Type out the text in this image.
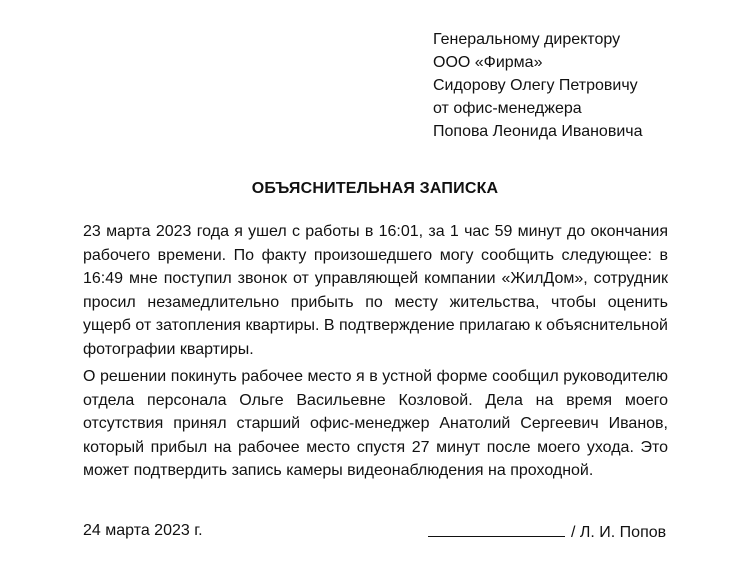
Генеральному директору
ООО «Фирма»
Сидорову Олегу Петровичу
от офис-менеджера
Попова Леонида Ивановича
ОБЪЯСНИТЕЛЬНАЯ ЗАПИСКА

23 марта 2023 года я ушел с работы в 16:01, за 1 час 59 минут до окончания рабочего времени. По факту произошедшего могу сообщить следующее: в 16:49 мне поступил звонок от управляющей компании «ЖилДом», сотрудник просил незамедлительно прибыть по месту жительства, чтобы оценить ущерб от затопления квартиры. В подтверждение прилагаю к объяснительной фотографии квартиры.

О решении покинуть рабочее место я в устной форме сообщил руководителю отдела персонала Ольге Васильевне Козловой. Дела на время моего отсутствия принял старший офис-менеджер Анатолий Сергеевич Иванов, который прибыл на рабочее место спустя 27 минут после моего ухода. Это может подтвердить запись камеры видеонаблюдения на проходной.

24 марта 2023 г.	/ Л. И. Попов
